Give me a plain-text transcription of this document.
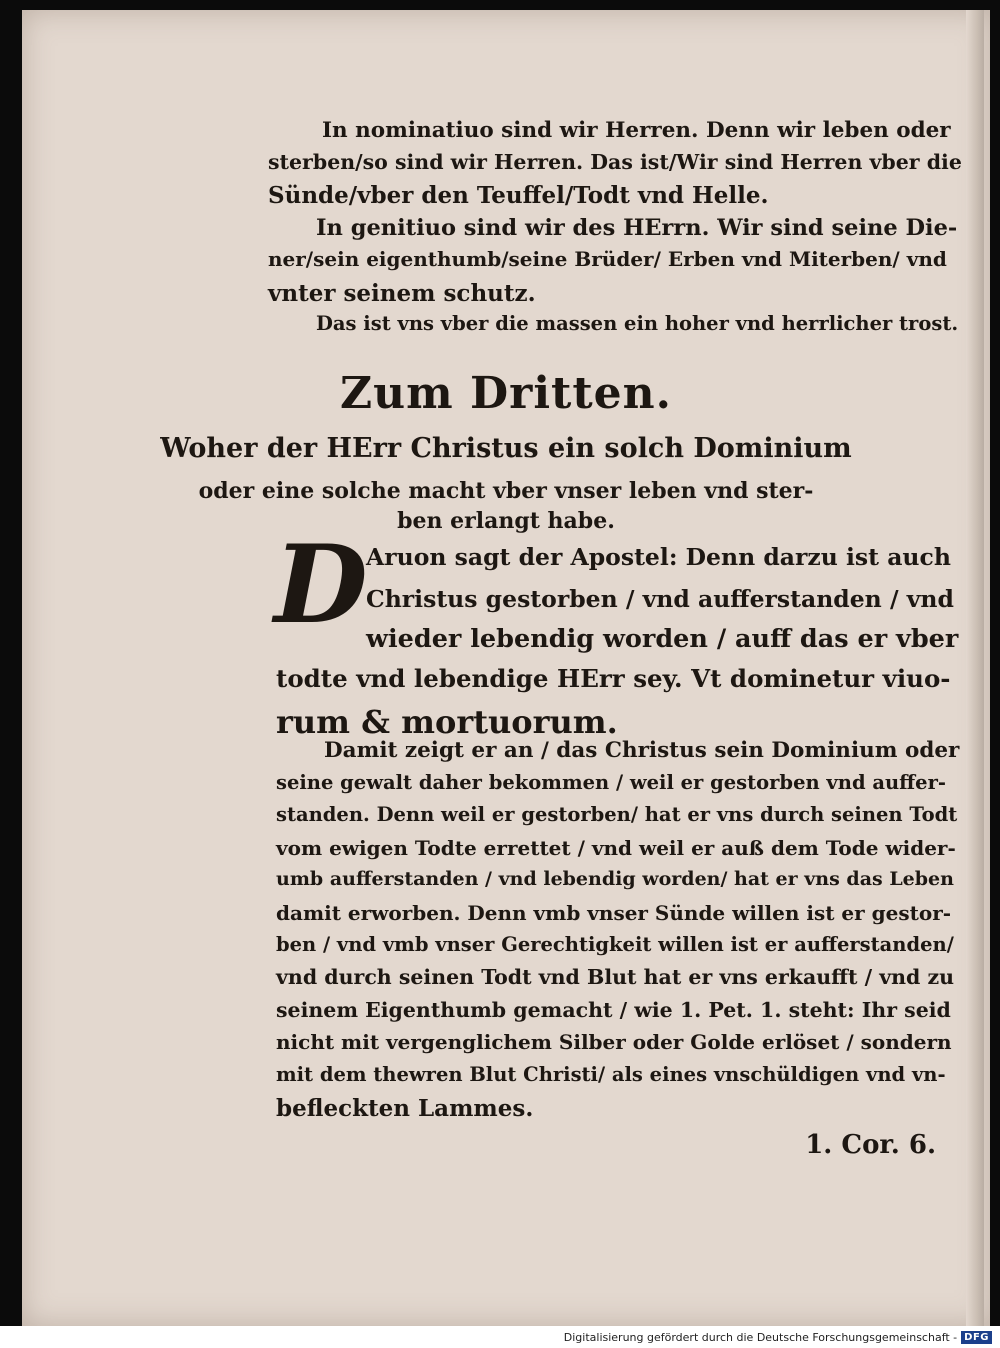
In nominatiuo sind wir Herren. Denn wir leben oder
sterben/so sind wir Herren. Das ist/Wir sind Herren vber die
Sünde/vber den Teuffel/Todt vnd Helle.
In genitiuo sind wir des HErrn. Wir sind seine Die-
ner/sein eigenthumb/seine Brüder/ Erben vnd Miterben/ vnd
vnter seinem schutz.
Das ist vns vber die massen ein hoher vnd herrlicher trost.
Zum Dritten.
Woher der HErr Christus ein solch Dominium
oder eine solche macht vber vnser leben vnd ster-
ben erlangt habe.
D
Aruon sagt der Apostel: Denn darzu ist auch
Christus gestorben / vnd aufferstanden / vnd
wieder lebendig worden / auff das er vber
todte vnd lebendige HErr sey. Vt dominetur viuo-
rum & mortuorum.
Damit zeigt er an / das Christus sein Dominium oder
seine gewalt daher bekommen / weil er gestorben vnd auffer-
standen. Denn weil er gestorben/ hat er vns durch seinen Todt
vom ewigen Todte errettet / vnd weil er auß dem Tode wider-
umb aufferstanden / vnd lebendig worden/ hat er vns das Leben
damit erworben. Denn vmb vnser Sünde willen ist er gestor-
ben / vnd vmb vnser Gerechtigkeit willen ist er aufferstanden/
vnd durch seinen Todt vnd Blut hat er vns erkaufft / vnd zu
seinem Eigenthumb gemacht / wie 1. Pet. 1. steht: Ihr seid
nicht mit vergenglichem Silber oder Golde erlöset / sondern
mit dem thewren Blut Christi/ als eines vnschüldigen vnd vn-
befleckten Lammes.
1. Cor. 6.
Digitalisierung gefördert durch die Deutsche Forschungsgemeinschaft - DFG
